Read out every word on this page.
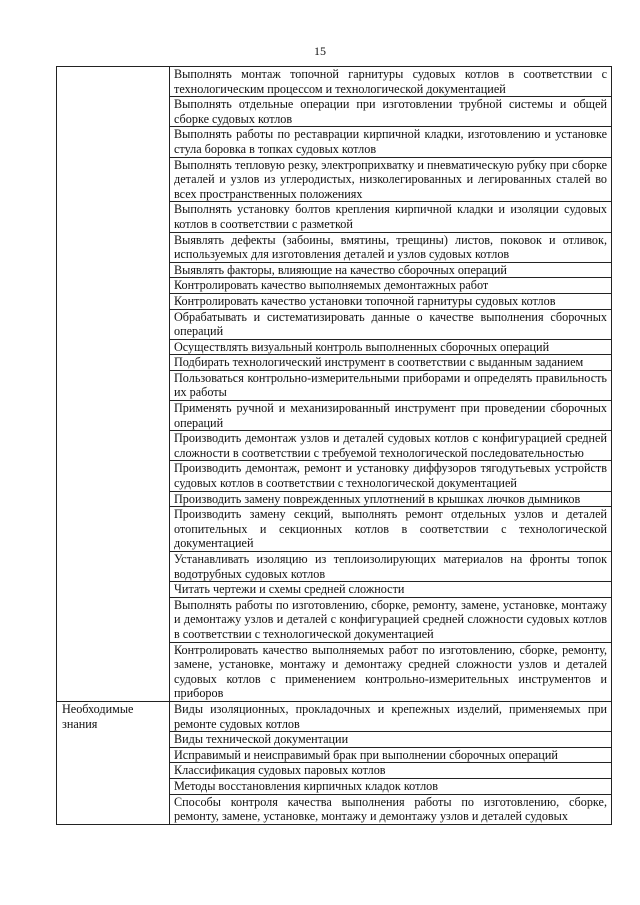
15
	Выполнять монтаж топочной гарнитуры судовых котлов в соответствии с технологическим процессом и технологической документацией
	Выполнять отдельные операции при изготовлении трубной системы и общей сборке судовых котлов
	Выполнять работы по реставрации кирпичной кладки, изготовлению и установке стула боровка в топках судовых котлов
	Выполнять тепловую резку, электроприхватку и пневматическую рубку при сборке деталей и узлов из углеродистых, низколегированных и легированных сталей во всех пространственных положениях
	Выполнять установку болтов крепления кирпичной кладки и изоляции судовых котлов в соответствии с разметкой
	Выявлять дефекты (забоины, вмятины, трещины) листов, поковок и отливок, используемых для изготовления деталей и узлов судовых котлов
	Выявлять факторы, влияющие на качество сборочных операций
	Контролировать качество выполняемых демонтажных работ
	Контролировать качество установки топочной гарнитуры судовых котлов
	Обрабатывать и систематизировать данные о качестве выполнения сборочных операций
	Осуществлять визуальный контроль выполненных сборочных операций
	Подбирать технологический инструмент в соответствии с выданным заданием
	Пользоваться контрольно-измерительными приборами и определять правильность их работы
	Применять ручной и механизированный инструмент при проведении сборочных операций
	Производить демонтаж узлов и деталей судовых котлов с конфигурацией средней сложности в соответствии с требуемой технологической последовательностью
	Производить демонтаж, ремонт и установку диффузоров тягодутьевых устройств судовых котлов в соответствии с технологической документацией
	Производить замену поврежденных уплотнений в крышках лючков дымников
	Производить замену секций, выполнять ремонт отдельных узлов и деталей отопительных и секционных котлов в соответствии с технологической документацией
	Устанавливать изоляцию из теплоизолирующих материалов на фронты топок водотрубных судовых котлов
	Читать чертежи и схемы средней сложности
	Выполнять работы по изготовлению, сборке, ремонту, замене, установке, монтажу и демонтажу узлов и деталей с конфигурацией средней сложности судовых котлов в соответствии с технологической документацией
	Контролировать качество выполняемых работ по изготовлению, сборке, ремонту, замене, установке, монтажу и демонтажу средней сложности узлов и деталей судовых котлов с применением контрольно-измерительных инструментов и приборов
Необходимые знания	Виды изоляционных, прокладочных и крепежных изделий, применяемых при ремонте судовых котлов
	Виды технической документации
	Исправимый и неисправимый брак при выполнении сборочных операций
	Классификация судовых паровых котлов
	Методы восстановления кирпичных кладок котлов
	Способы контроля качества выполнения работы по изготовлению, сборке, ремонту, замене, установке, монтажу и демонтажу узлов и деталей судовых
